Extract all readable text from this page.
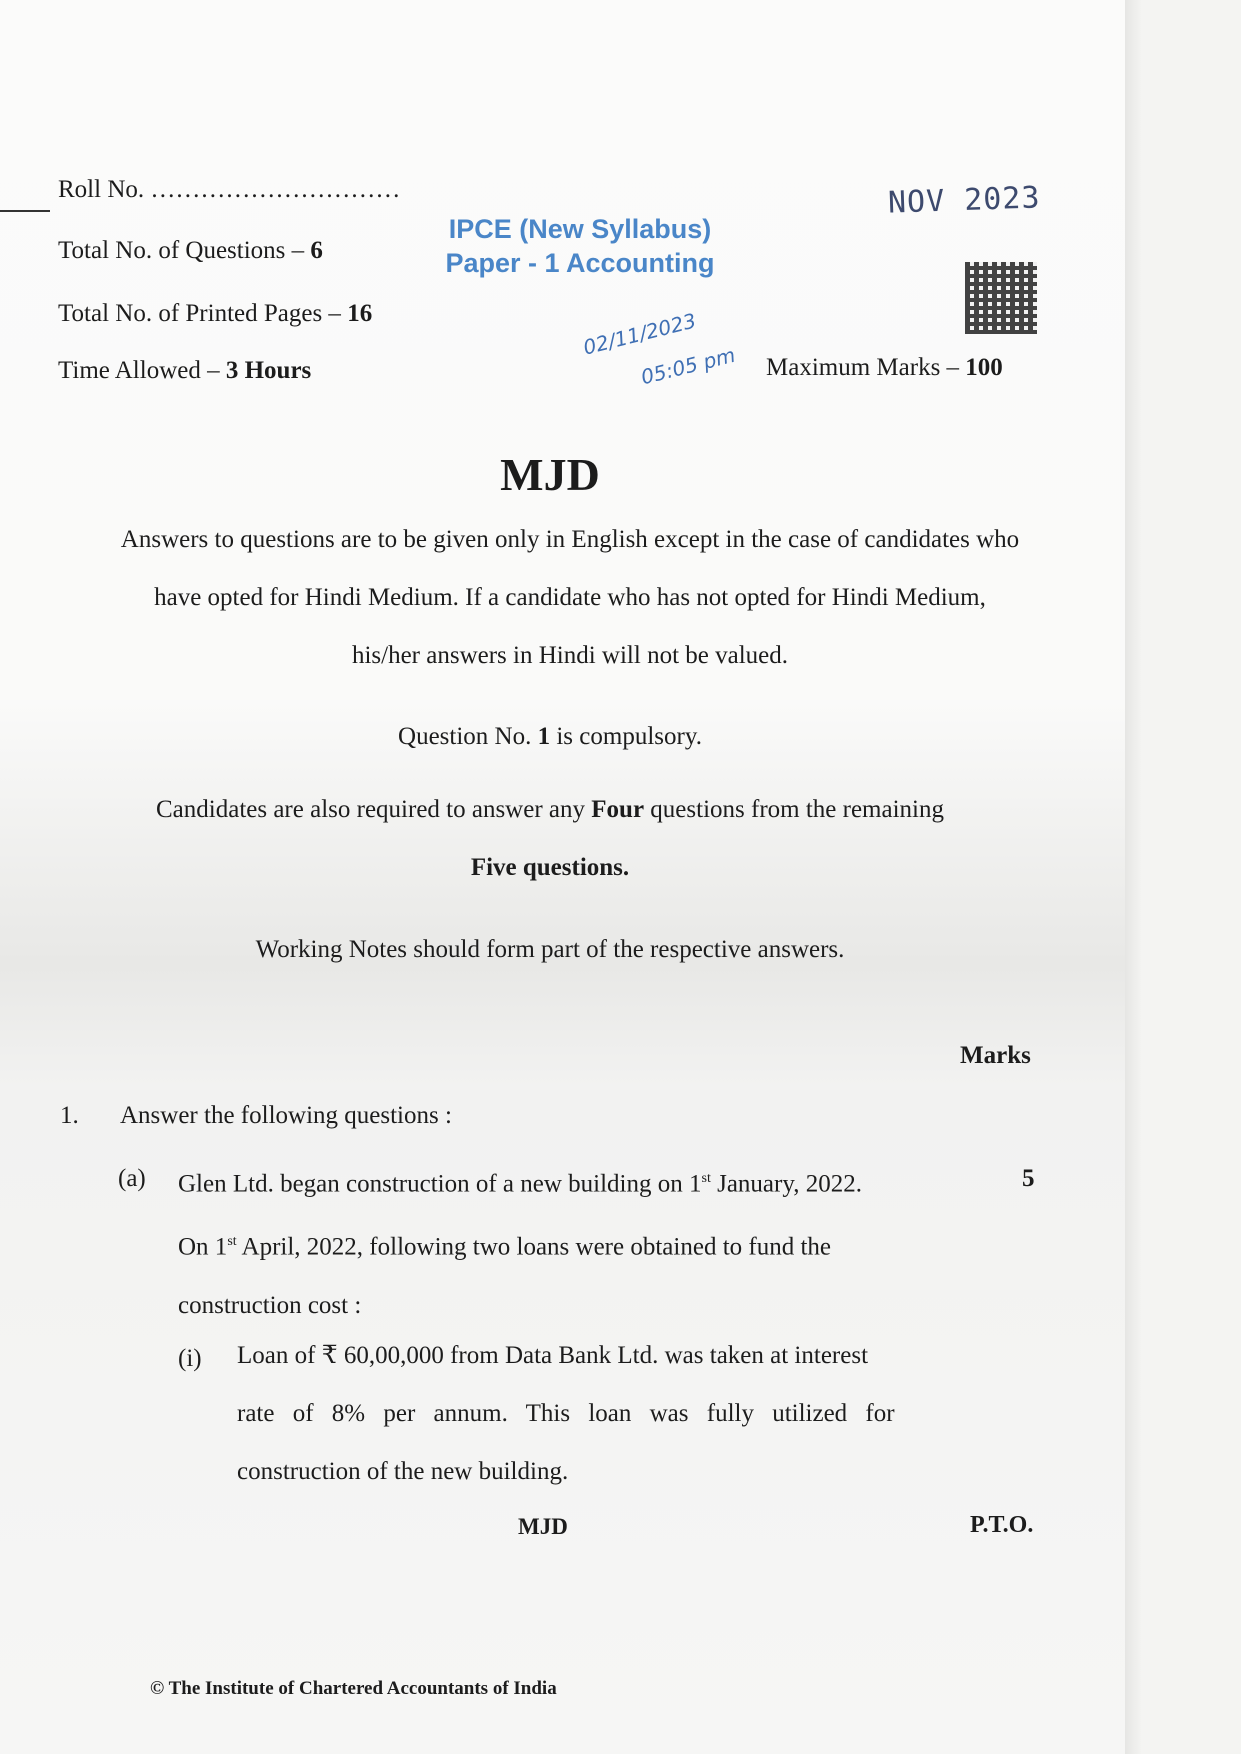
Roll No. …………………………
Total No. of Questions – 6
Total No. of Printed Pages – 16
Time Allowed – 3 Hours	Maximum Marks – 100
IPCE (New Syllabus)
Paper - 1 Accounting
NOV 2023
02/11/2023
05:05 pm
MJD
Answers to questions are to be given only in English except in the case of candidates who
have opted for Hindi Medium. If a candidate who has not opted for Hindi Medium,
his/her answers in Hindi will not be valued.
Question No. 1 is compulsory.
Candidates are also required to answer any Four questions from the remaining
Five questions.
Working Notes should form part of the respective answers.
Marks
1. Answer the following questions :
(a) Glen Ltd. began construction of a new building on 1st January, 2022.
On 1st April, 2022, following two loans were obtained to fund the
construction cost :
5
(i) Loan of ₹ 60,00,000 from Data Bank Ltd. was taken at interest
rate of 8% per annum. This loan was fully utilized for
construction of the new building.
MJD	P.T.O.
© The Institute of Chartered Accountants of India
